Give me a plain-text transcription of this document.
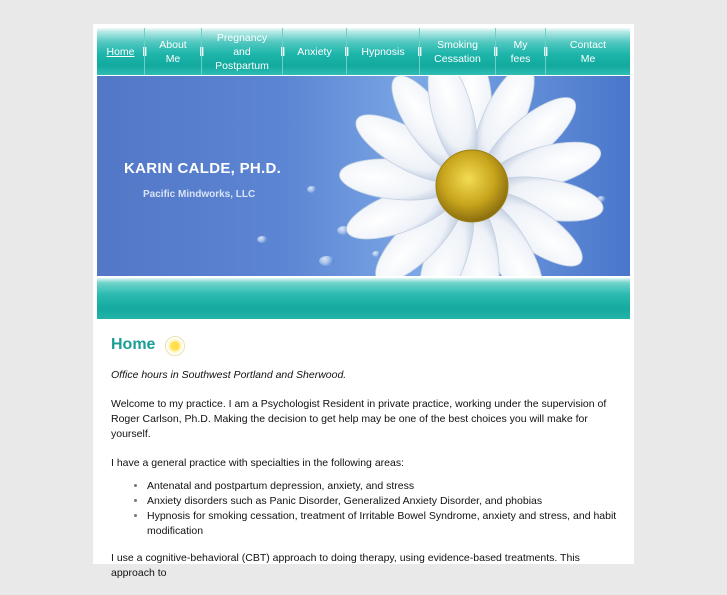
Home
About
Me
Pregnancy
and
Postpartum
Anxiety	Hypnosis
Smoking
Cessation
My
fees
Contact
Me
KARIN CALDE, PH.D.
Pacific Mindworks, LLC
Home

Office hours in Southwest Portland and Sherwood.

Welcome to my practice. I am a Psychologist Resident in private practice, working under the supervision of Roger Carlson, Ph.D. Making the decision to get help may be one of the best choices you will make for yourself.

I have a general practice with specialties in the following areas:

• Antenatal and postpartum depression, anxiety, and stress
• Anxiety disorders such as Panic Disorder, Generalized Anxiety Disorder, and phobias
• Hypnosis for smoking cessation, treatment of Irritable Bowel Syndrome, anxiety and stress, and habit modification

I use a cognitive-behavioral (CBT) approach to doing therapy, using evidence-based treatments. This approach to
